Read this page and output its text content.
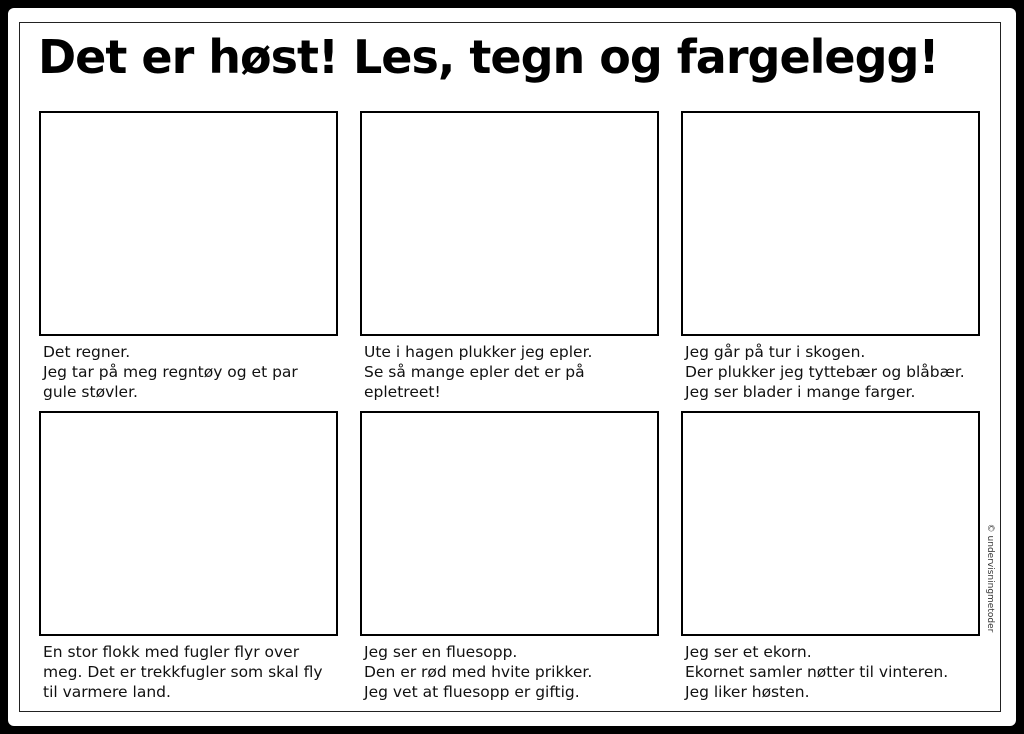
Det er høst! Les, tegn og fargelegg!
Det regner.
Jeg tar på meg regntøy og et par
gule støvler.
Ute i hagen plukker jeg epler.
Se så mange epler det er på
epletreet!
Jeg går på tur i skogen.
Der plukker jeg tyttebær og blåbær.
Jeg ser blader i mange farger.
En stor flokk med fugler flyr over
meg. Det er trekkfugler som skal fly
til varmere land.
Jeg ser en fluesopp.
Den er rød med hvite prikker.
Jeg vet at fluesopp er giftig.
Jeg ser et ekorn.
Ekornet samler nøtter til vinteren.
Jeg liker høsten.
© undervisningmetoder
